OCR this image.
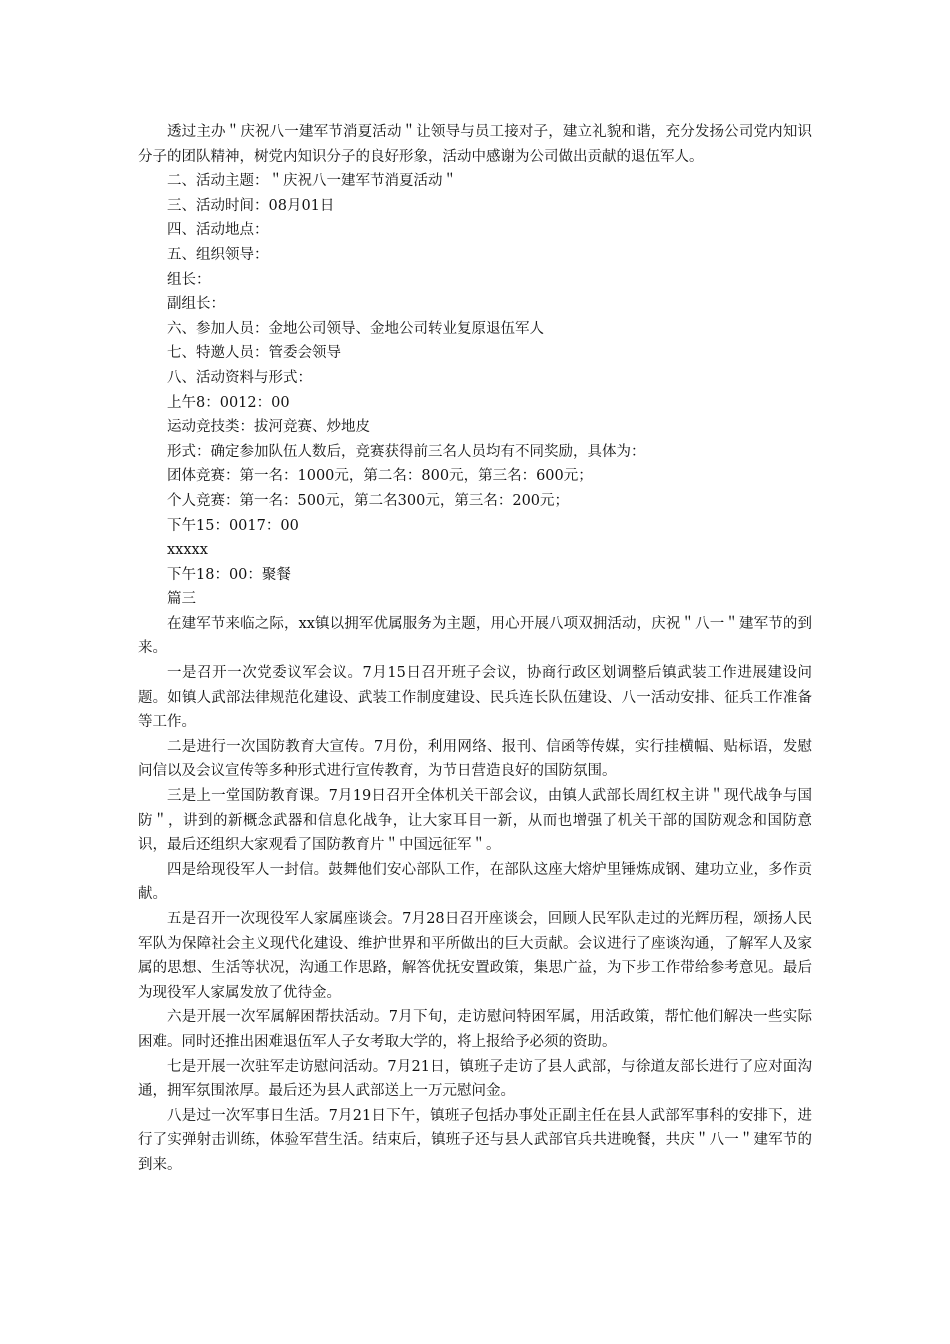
透过主办＂庆祝八一建军节消夏活动＂让领导与员工接对子，建立礼貌和谐，充分发扬公司党内知识分子的团队精神，树党内知识分子的良好形象，活动中感谢为公司做出贡献的退伍军人。

二、活动主题：＂庆祝八一建军节消夏活动＂

三、活动时间：08月01日

四、活动地点：

五、组织领导：

组长：

副组长：

六、参加人员：金地公司领导、金地公司转业复原退伍军人

七、特邀人员：管委会领导

八、活动资料与形式：

上午8：0012：00

运动竞技类：拔河竞赛、炒地皮

形式：确定参加队伍人数后，竞赛获得前三名人员均有不同奖励，具体为：

团体竞赛：第一名：1000元，第二名：800元，第三名：600元；

个人竞赛：第一名：500元，第二名300元，第三名：200元；

下午15：0017：00

xxxxx

下午18：00：聚餐

篇三

在建军节来临之际，xx镇以拥军优属服务为主题，用心开展八项双拥活动，庆祝＂八一＂建军节的到来。

一是召开一次党委议军会议。7月15日召开班子会议，协商行政区划调整后镇武装工作进展建设问题。如镇人武部法律规范化建设、武装工作制度建设、民兵连长队伍建设、八一活动安排、征兵工作准备等工作。

二是进行一次国防教育大宣传。7月份，利用网络、报刊、信函等传媒，实行挂横幅、贴标语，发慰问信以及会议宣传等多种形式进行宣传教育，为节日营造良好的国防氛围。

三是上一堂国防教育课。7月19日召开全体机关干部会议，由镇人武部长周红权主讲＂现代战争与国防＂，讲到的新概念武器和信息化战争，让大家耳目一新，从而也增强了机关干部的国防观念和国防意识，最后还组织大家观看了国防教育片＂中国远征军＂。

四是给现役军人一封信。鼓舞他们安心部队工作，在部队这座大熔炉里锤炼成钢、建功立业，多作贡献。

五是召开一次现役军人家属座谈会。7月28日召开座谈会，回顾人民军队走过的光辉历程，颂扬人民军队为保障社会主义现代化建设、维护世界和平所做出的巨大贡献。会议进行了座谈沟通，了解军人及家属的思想、生活等状况，沟通工作思路，解答优抚安置政策，集思广益，为下步工作带给参考意见。最后为现役军人家属发放了优待金。

六是开展一次军属解困帮扶活动。7月下旬，走访慰问特困军属，用活政策，帮忙他们解决一些实际困难。同时还推出困难退伍军人子女考取大学的，将上报给予必须的资助。

七是开展一次驻军走访慰问活动。7月21日，镇班子走访了县人武部，与徐道友部长进行了应对面沟通，拥军氛围浓厚。最后还为县人武部送上一万元慰问金。

八是过一次军事日生活。7月21日下午，镇班子包括办事处正副主任在县人武部军事科的安排下，进行了实弹射击训练，体验军营生活。结束后，镇班子还与县人武部官兵共进晚餐，共庆＂八一＂建军节的到来。
